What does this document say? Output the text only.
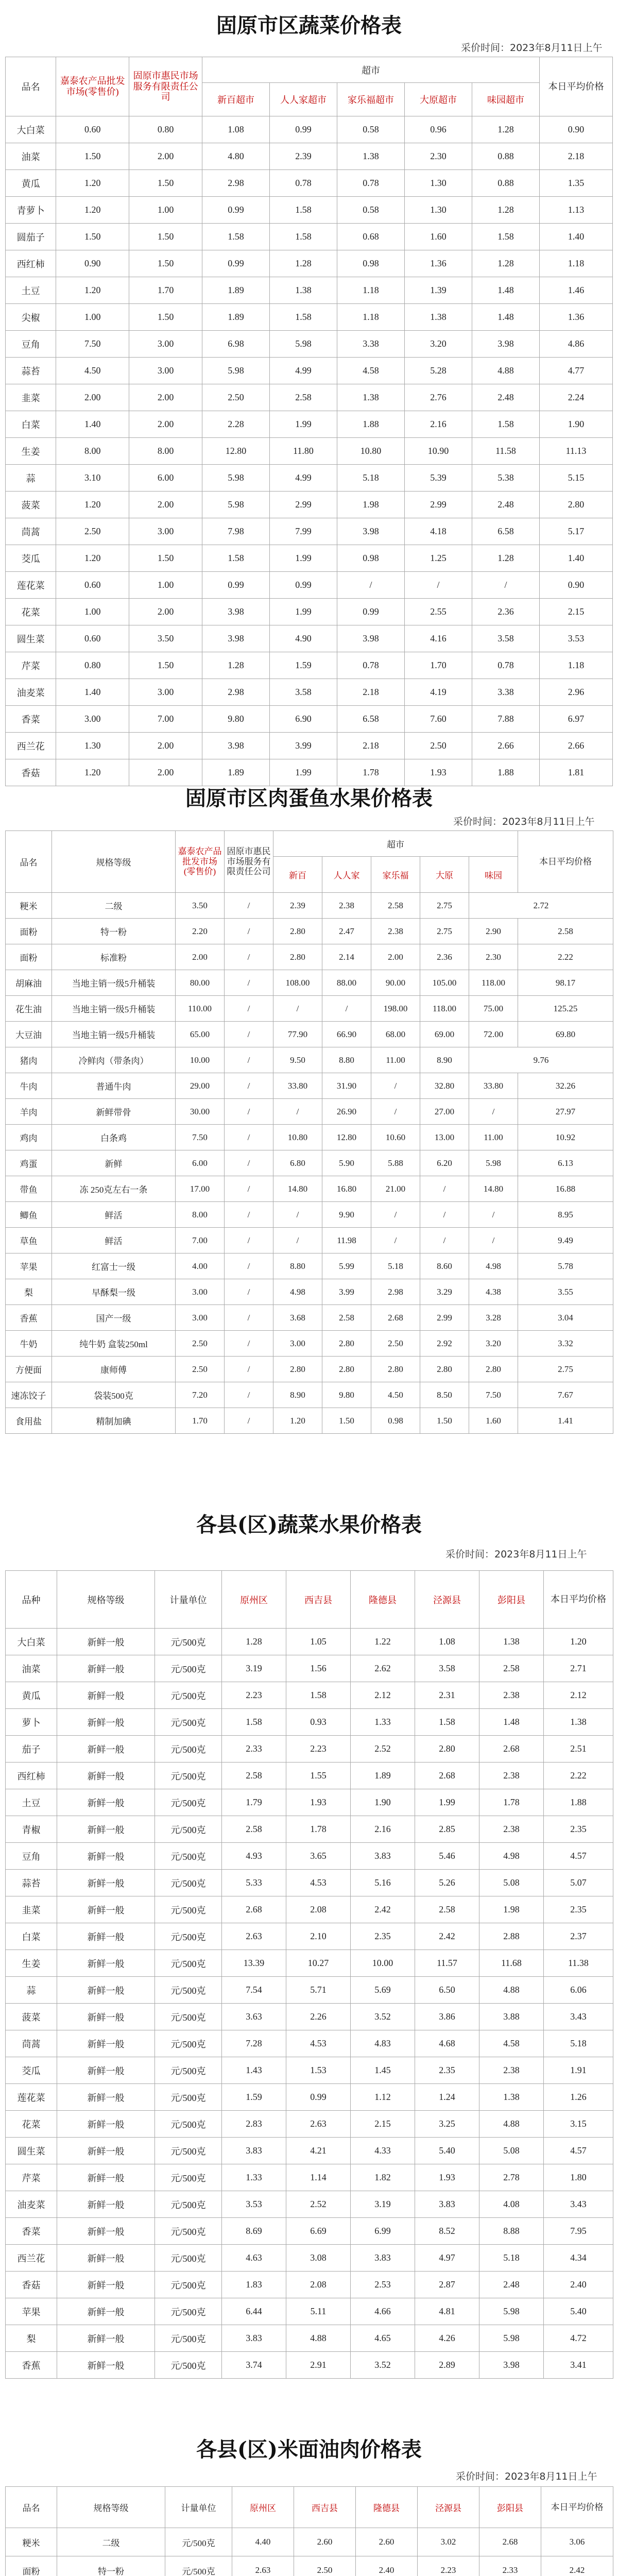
固原市区蔬菜价格表
采价时间：2023年8月11日上午
品名	嘉泰农产品批发市场(零售价)	固原市惠民市场服务有限责任公司	超市					本日平均价格
			新百超市	人人家超市	家乐福超市	大原超市	味园超市	
大白菜	0.60	0.80	1.08	0.99	0.58	0.96	1.28	0.90
油菜	1.50	2.00	4.80	2.39	1.38	2.30	0.88	2.18
黄瓜	1.20	1.50	2.98	0.78	0.78	1.30	0.88	1.35
青萝卜	1.20	1.00	0.99	1.58	0.58	1.30	1.28	1.13
圆茄子	1.50	1.50	1.58	1.58	0.68	1.60	1.58	1.40
西红柿	0.90	1.50	0.99	1.28	0.98	1.36	1.28	1.18
土豆	1.20	1.70	1.89	1.38	1.18	1.39	1.48	1.46
尖椒	1.00	1.50	1.89	1.58	1.18	1.38	1.48	1.36
豆角	7.50	3.00	6.98	5.98	3.38	3.20	3.98	4.86
蒜苔	4.50	3.00	5.98	4.99	4.58	5.28	4.88	4.77
韭菜	2.00	2.00	2.50	2.58	1.38	2.76	2.48	2.24
白菜	1.40	2.00	2.28	1.99	1.88	2.16	1.58	1.90
生姜	8.00	8.00	12.80	11.80	10.80	10.90	11.58	11.13
蒜	3.10	6.00	5.98	4.99	5.18	5.39	5.38	5.15
菠菜	1.20	2.00	5.98	2.99	1.98	2.99	2.48	2.80
茼蒿	2.50	3.00	7.98	7.99	3.98	4.18	6.58	5.17
茭瓜	1.20	1.50	1.58	1.99	0.98	1.25	1.28	1.40
莲花菜	0.60	1.00	0.99	0.99	/	/	/	0.90
花菜	1.00	2.00	3.98	1.99	0.99	2.55	2.36	2.15
圆生菜	0.60	3.50	3.98	4.90	3.98	4.16	3.58	3.53
芹菜	0.80	1.50	1.28	1.59	0.78	1.70	0.78	1.18
油麦菜	1.40	3.00	2.98	3.58	2.18	4.19	3.38	2.96
香菜	3.00	7.00	9.80	6.90	6.58	7.60	7.88	6.97
西兰花	1.30	2.00	3.98	3.99	2.18	2.50	2.66	2.66
香菇	1.20	2.00	1.89	1.99	1.78	1.93	1.88	1.81
固原市区肉蛋鱼水果价格表
采价时间：2023年8月11日上午
品名	规格等级	嘉泰农产品批发市场(零售价)	固原市惠民市场服务有限责任公司	超市					本日平均价格
				新百	人人家	家乐福	大原	味园	
粳米	二级	3.50	/	2.39	2.38	2.58	2.75	2.72	
面粉	特一粉	2.20	/	2.80	2.47	2.38	2.75	2.90	2.58
面粉	标准粉	2.00	/	2.80	2.14	2.00	2.36	2.30	2.22
胡麻油	当地主销一级5升桶装	80.00	/	108.00	88.00	90.00	105.00	118.00	98.17
花生油	当地主销一级5升桶装	110.00	/	/	/	198.00	118.00	75.00	125.25
大豆油	当地主销一级5升桶装	65.00	/	77.90	66.90	68.00	69.00	72.00	69.80
猪肉	冷鲜肉（带条肉）	10.00	/	9.50	8.80	11.00	8.90	9.76	
牛肉	普通牛肉	29.00	/	33.80	31.90	/	32.80	33.80	32.26
羊肉	新鲜带骨	30.00	/	/	26.90	/	27.00	/	27.97
鸡肉	白条鸡	7.50	/	10.80	12.80	10.60	13.00	11.00	10.92
鸡蛋	新鲜	6.00	/	6.80	5.90	5.88	6.20	5.98	6.13
带鱼	冻 250克左右一条	17.00	/	14.80	16.80	21.00	/	14.80	16.88
鲫鱼	鲜活	8.00	/	/	9.90	/	/	/	8.95
草鱼	鲜活	7.00	/	/	11.98	/	/	/	9.49
苹果	红富士一级	4.00	/	8.80	5.99	5.18	8.60	4.98	5.78
梨	早酥梨一级	3.00	/	4.98	3.99	2.98	3.29	4.38	3.55
香蕉	国产一级	3.00	/	3.68	2.58	2.68	2.99	3.28	3.04
牛奶	纯牛奶 盒装250ml	2.50	/	3.00	2.80	2.50	2.92	3.20	3.32
方便面	康师傅	2.50	/	2.80	2.80	2.80	2.80	2.80	2.75
速冻饺子	袋装500克	7.20	/	8.90	9.80	4.50	8.50	7.50	7.67
食用盐	精制加碘	1.70	/	1.20	1.50	0.98	1.50	1.60	1.41
各县(区)蔬菜水果价格表
采价时间：2023年8月11日上午
品种	规格等级	计量单位	原州区	西吉县	隆德县	泾源县	彭阳县	本日平均价格
大白菜	新鲜一般	元/500克	1.28	1.05	1.22	1.08	1.38	1.20
油菜	新鲜一般	元/500克	3.19	1.56	2.62	3.58	2.58	2.71
黄瓜	新鲜一般	元/500克	2.23	1.58	2.12	2.31	2.38	2.12
萝卜	新鲜一般	元/500克	1.58	0.93	1.33	1.58	1.48	1.38
茄子	新鲜一般	元/500克	2.33	2.23	2.52	2.80	2.68	2.51
西红柿	新鲜一般	元/500克	2.58	1.55	1.89	2.68	2.38	2.22
土豆	新鲜一般	元/500克	1.79	1.93	1.90	1.99	1.78	1.88
青椒	新鲜一般	元/500克	2.58	1.78	2.16	2.85	2.38	2.35
豆角	新鲜一般	元/500克	4.93	3.65	3.83	5.46	4.98	4.57
蒜苔	新鲜一般	元/500克	5.33	4.53	5.16	5.26	5.08	5.07
韭菜	新鲜一般	元/500克	2.68	2.08	2.42	2.58	1.98	2.35
白菜	新鲜一般	元/500克	2.63	2.10	2.35	2.42	2.88	2.37
生姜	新鲜一般	元/500克	13.39	10.27	10.00	11.57	11.68	11.38
蒜	新鲜一般	元/500克	7.54	5.71	5.69	6.50	4.88	6.06
菠菜	新鲜一般	元/500克	3.63	2.26	3.52	3.86	3.88	3.43
茼蒿	新鲜一般	元/500克	7.28	4.53	4.83	4.68	4.58	5.18
茭瓜	新鲜一般	元/500克	1.43	1.53	1.45	2.35	2.38	1.91
莲花菜	新鲜一般	元/500克	1.59	0.99	1.12	1.24	1.38	1.26
花菜	新鲜一般	元/500克	2.83	2.63	2.15	3.25	4.88	3.15
圆生菜	新鲜一般	元/500克	3.83	4.21	4.33	5.40	5.08	4.57
芹菜	新鲜一般	元/500克	1.33	1.14	1.82	1.93	2.78	1.80
油麦菜	新鲜一般	元/500克	3.53	2.52	3.19	3.83	4.08	3.43
香菜	新鲜一般	元/500克	8.69	6.69	6.99	8.52	8.88	7.95
西兰花	新鲜一般	元/500克	4.63	3.08	3.83	4.97	5.18	4.34
香菇	新鲜一般	元/500克	1.83	2.08	2.53	2.87	2.48	2.40
苹果	新鲜一般	元/500克	6.44	5.11	4.66	4.81	5.98	5.40
梨	新鲜一般	元/500克	3.83	4.88	4.65	4.26	5.98	4.72
香蕉	新鲜一般	元/500克	3.74	2.91	3.52	2.89	3.98	3.41
各县(区)米面油肉价格表
采价时间：2023年8月11日上午
品名	规格等级	计量单位	原州区	西吉县	隆德县	泾源县	彭阳县	本日平均价格
粳米	二级	元/500克	4.40	2.60	2.60	3.02	2.68	3.06
面粉	特一粉	元/500克	2.63	2.50	2.40	2.23	2.33	2.42
